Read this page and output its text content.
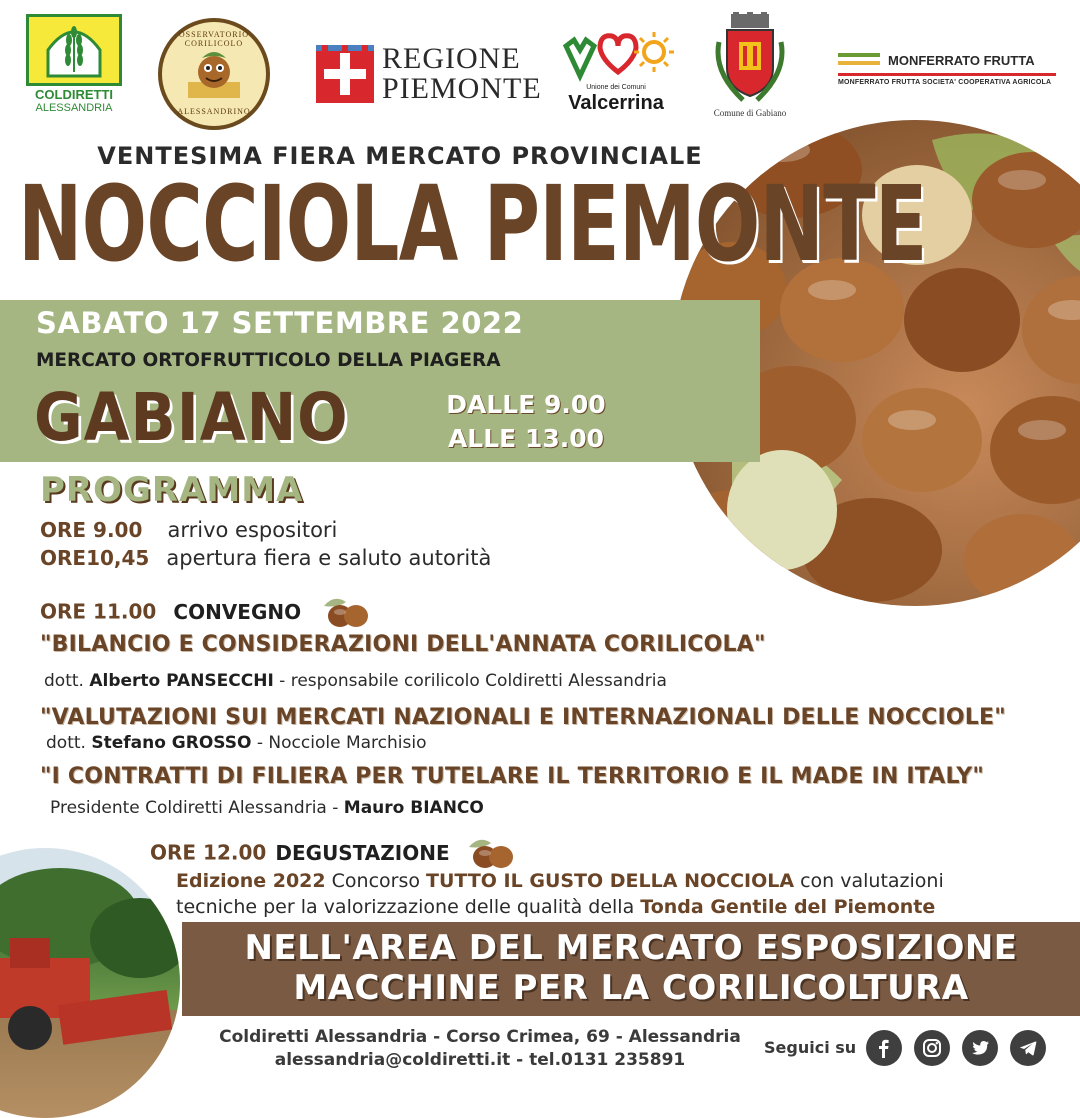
COLDIRETTI
ALESSANDRIA
OSSERVATORIO CORILICOLO
ALESSANDRINO
REGIONE
PIEMONTE	Unione dei Comuni
Valcerrina	Comune di Gabiano
MONFERRATO FRUTTA
MONFERRATO FRUTTA SOCIETA' COOPERATIVA AGRICOLA
VENTESIMA FIERA MERCATO PROVINCIALE
NOCCIOLA PIEMONTE
SABATO 17 SETTEMBRE 2022
MERCATO ORTOFRUTTICOLO DELLA PIAGERA
GABIANO	DALLE 9.00
ALLE 13.00
PROGRAMMA
ORE 9.00 arrivo espositori
ORE10,45 apertura fiera e saluto autorità
ORE 11.00 CONVEGNO
"BILANCIO E CONSIDERAZIONI DELL'ANNATA CORILICOLA"
dott. Alberto PANSECCHI - responsabile corilicolo Coldiretti Alessandria
"VALUTAZIONI SUI MERCATI NAZIONALI E INTERNAZIONALI DELLE NOCCIOLE"
dott. Stefano GROSSO - Nocciole Marchisio
"I CONTRATTI DI FILIERA PER TUTELARE IL TERRITORIO E IL MADE IN ITALY"
Presidente Coldiretti Alessandria - Mauro BIANCO
ORE 12.00 DEGUSTAZIONE
Edizione 2022 Concorso TUTTO IL GUSTO DELLA NOCCIOLA con valutazioni
tecniche per la valorizzazione delle qualità della Tonda Gentile del Piemonte
NELL'AREA DEL MERCATO ESPOSIZIONE
MACCHINE PER LA CORILICOLTURA
Coldiretti Alessandria - Corso Crimea, 69 - Alessandria
alessandria@coldiretti.it - tel.0131 235891
Seguici su
